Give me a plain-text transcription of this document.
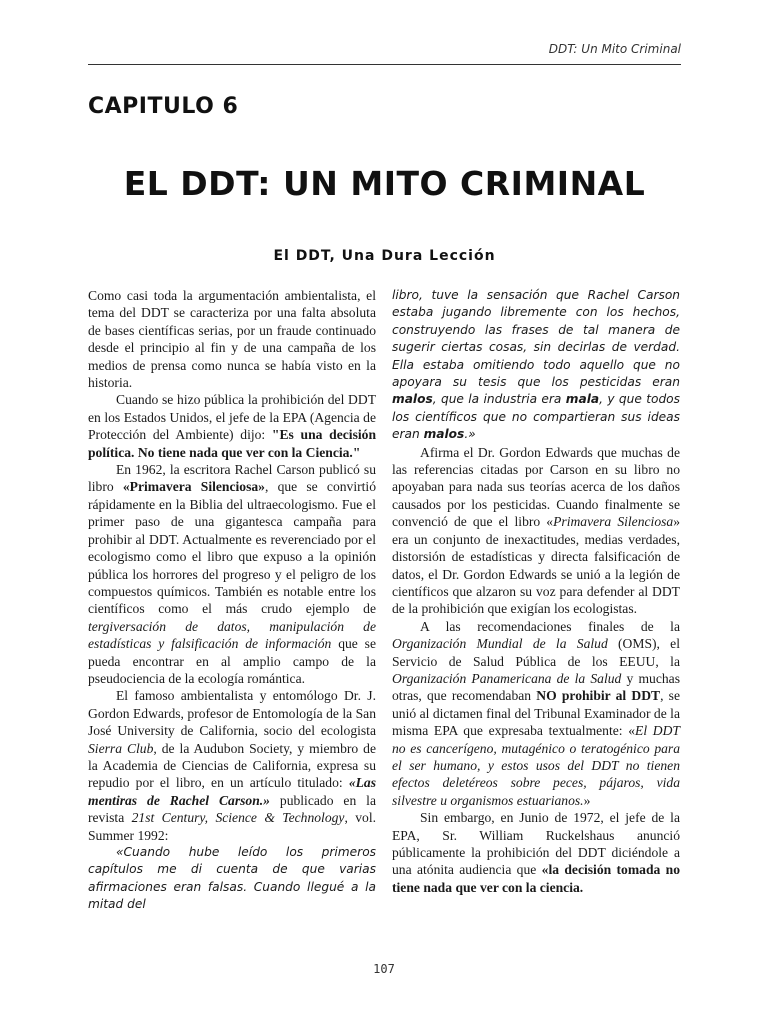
DDT: Un Mito Criminal
CAPITULO 6
EL DDT: UN MITO CRIMINAL
El DDT, Una Dura Lección

Como casi toda la argumentación ambientalista, el tema del DDT se caracteriza por una falta absoluta de bases científicas serias, por un fraude continuado desde el principio al fin y de una campaña de los medios de prensa como nunca se había visto en la historia.

Cuando se hizo pública la prohibición del DDT en los Estados Unidos, el jefe de la EPA (Agencia de Protección del Ambiente) dijo: "Es una decisión política. No tiene nada que ver con la Ciencia."

En 1962, la escritora Rachel Carson publicó su libro «Primavera Silenciosa», que se convirtió rápidamente en la Biblia del ultraecologismo. Fue el primer paso de una gigantesca campaña para prohibir al DDT. Actualmente es reverenciado por el ecologismo como el libro que expuso a la opinión pública los horrores del progreso y el peligro de los compuestos químicos. También es notable entre los científicos como el más crudo ejemplo de tergiversación de datos, manipulación de estadísticas y falsificación de información que se pueda encontrar en al amplio campo de la pseudociencia de la ecología romántica.

El famoso ambientalista y entomólogo Dr. J. Gordon Edwards, profesor de Entomología de la San José University de California, socio del ecologista Sierra Club, de la Audubon Society, y miembro de la Academia de Ciencias de California, expresa su repudio por el libro, en un artículo titulado: «Las mentiras de Rachel Carson.» publicado en la revista 21st Century, Science & Technology, vol. Summer 1992:

«Cuando hube leído los primeros capítulos me di cuenta de que varias afirmaciones eran falsas. Cuando llegué a la mitad del

libro, tuve la sensación que Rachel Carson estaba jugando libremente con los hechos, construyendo las frases de tal manera de sugerir ciertas cosas, sin decirlas de verdad. Ella estaba omitiendo todo aquello que no apoyara su tesis que los pesticidas eran malos, que la industria era mala, y que todos los científicos que no compartieran sus ideas eran malos.»

Afirma el Dr. Gordon Edwards que muchas de las referencias citadas por Carson en su libro no apoyaban para nada sus teorías acerca de los daños causados por los pesticidas. Cuando finalmente se convenció de que el libro «Primavera Silenciosa» era un conjunto de inexactitudes, medias verdades, distorsión de estadísticas y directa falsificación de datos, el Dr. Gordon Edwards se unió a la legión de científicos que alzaron su voz para defender al DDT de la prohibición que exigían los ecologistas.

A las recomendaciones finales de la Organización Mundial de la Salud (OMS), el Servicio de Salud Pública de los EEUU, la Organización Panamericana de la Salud y muchas otras, que recomendaban NO prohibir al DDT, se unió al dictamen final del Tribunal Examinador de la misma EPA que expresaba textualmente: «El DDT no es cancerígeno, mutagénico o teratogénico para el ser humano, y estos usos del DDT no tienen efectos deletéreos sobre peces, pájaros, vida silvestre u organismos estuarianos.»

Sin embargo, en Junio de 1972, el jefe de la EPA, Sr. William Ruckelshaus anunció públicamente la prohibición del DDT diciéndole a una atónita audiencia que «la decisión tomada no tiene nada que ver con la ciencia.

107
